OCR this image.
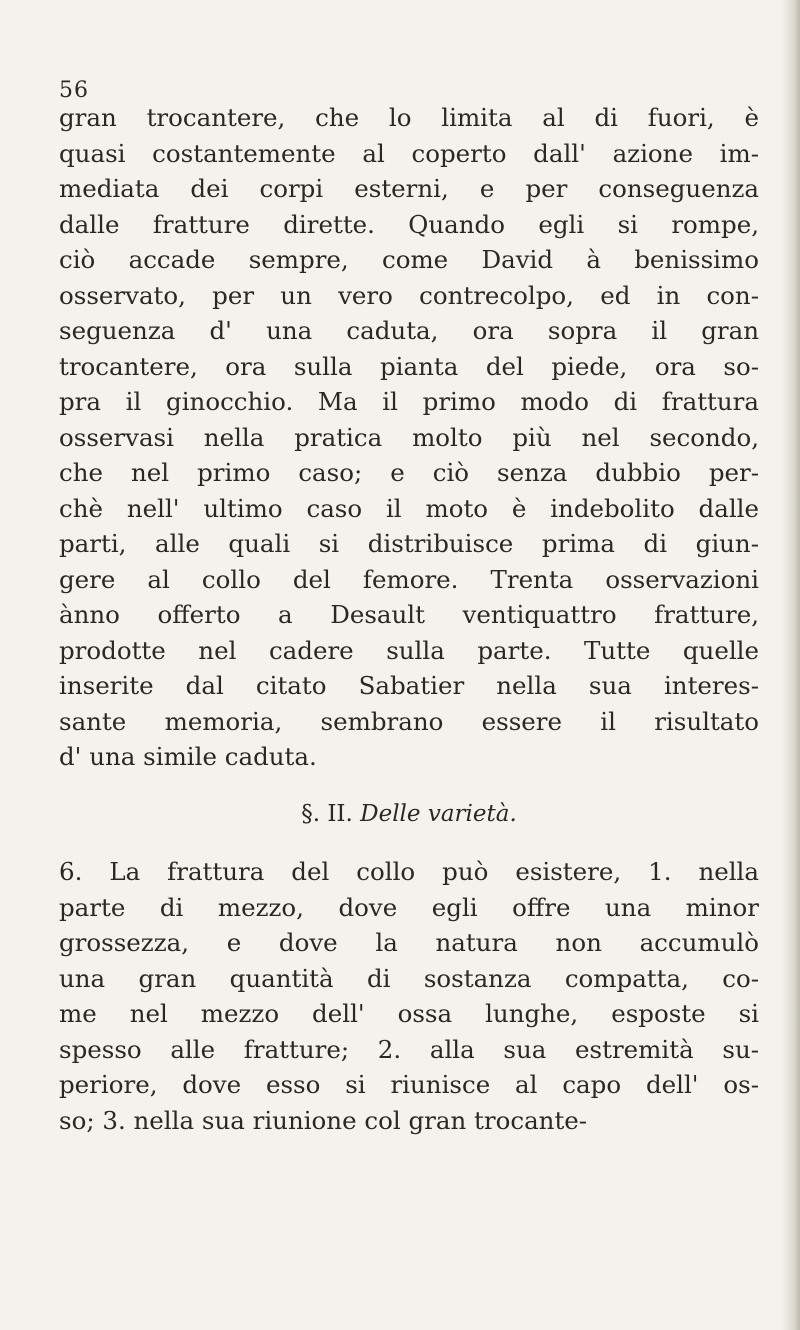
56
gran trocantere, che lo limita al di fuori, è
quasi costantemente al coperto dall' azione im-
mediata dei corpi esterni, e per conseguenza
dalle fratture dirette. Quando egli si rompe,
ciò accade sempre, come David à benissimo
osservato, per un vero contrecolpo, ed in con-
seguenza d' una caduta, ora sopra il gran
trocantere, ora sulla pianta del piede, ora so-
pra il ginocchio. Ma il primo modo di frattura
osservasi nella pratica molto più nel secondo,
che nel primo caso; e ciò senza dubbio per-
chè nell' ultimo caso il moto è indebolito dalle
parti, alle quali si distribuisce prima di giun-
gere al collo del femore. Trenta osservazioni
ànno offerto a Desault ventiquattro fratture,
prodotte nel cadere sulla parte. Tutte quelle
inserite dal citato Sabatier nella sua interes-
sante memoria, sembrano essere il risultato
d' una simile caduta.
§. II. Delle varietà.
6. La frattura del collo può esistere, 1. nella
parte di mezzo, dove egli offre una minor
grossezza, e dove la natura non accumulò
una gran quantità di sostanza compatta, co-
me nel mezzo dell' ossa lunghe, esposte si
spesso alle fratture; 2. alla sua estremità su-
periore, dove esso si riunisce al capo dell' os-
so; 3. nella sua riunione col gran trocante-
